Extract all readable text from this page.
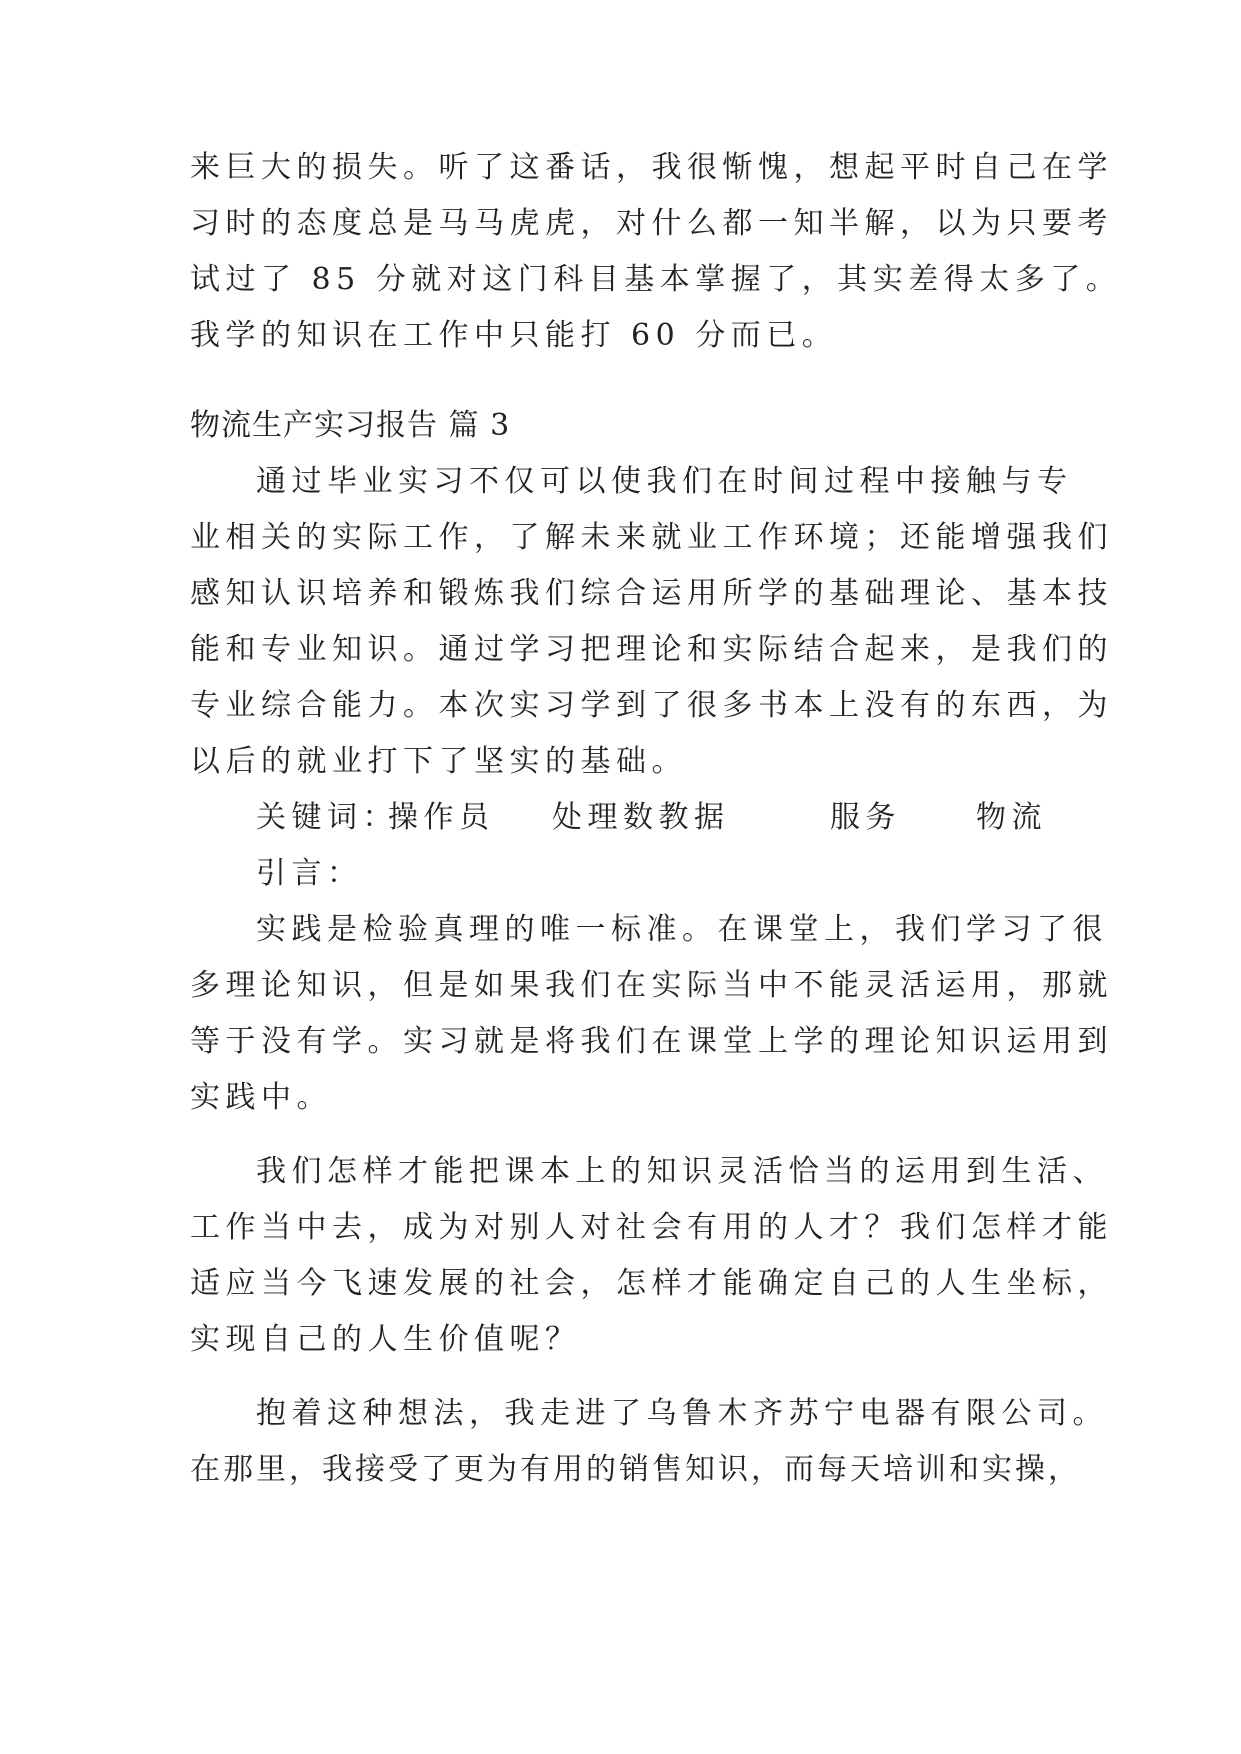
来巨大的损失。听了这番话，我很惭愧，想起平时自己在学
习时的态度总是马马虎虎，对什么都一知半解，以为只要考
试过了 85 分就对这门科目基本掌握了，其实差得太多了。
我学的知识在工作中只能打 60 分而已。
物流生产实习报告 篇 3
通过毕业实习不仅可以使我们在时间过程中接触与专
业相关的实际工作，了解未来就业工作环境；还能增强我们
感知认识培养和锻炼我们综合运用所学的基础理论、基本技
能和专业知识。通过学习把理论和实际结合起来，是我们的
专业综合能力。本次实习学到了很多书本上没有的东西，为
以后的就业打下了坚实的基础。
关键词：
操作员 处理数教据	服务	物流
引言：
实践是检验真理的唯一标准。在课堂上，我们学习了很
多理论知识，但是如果我们在实际当中不能灵活运用，那就
等于没有学。实习就是将我们在课堂上学的理论知识运用到
实践中。
我们怎样才能把课本上的知识灵活恰当的运用到生活、
工作当中去，成为对别人对社会有用的人才？我们怎样才能
适应当今飞速发展的社会，怎样才能确定自己的人生坐标，
实现自己的人生价值呢？
抱着这种想法，我走进了乌鲁木齐苏宁电器有限公司。
在那里，我接受了更为有用的销售知识，而每天培训和实操，
